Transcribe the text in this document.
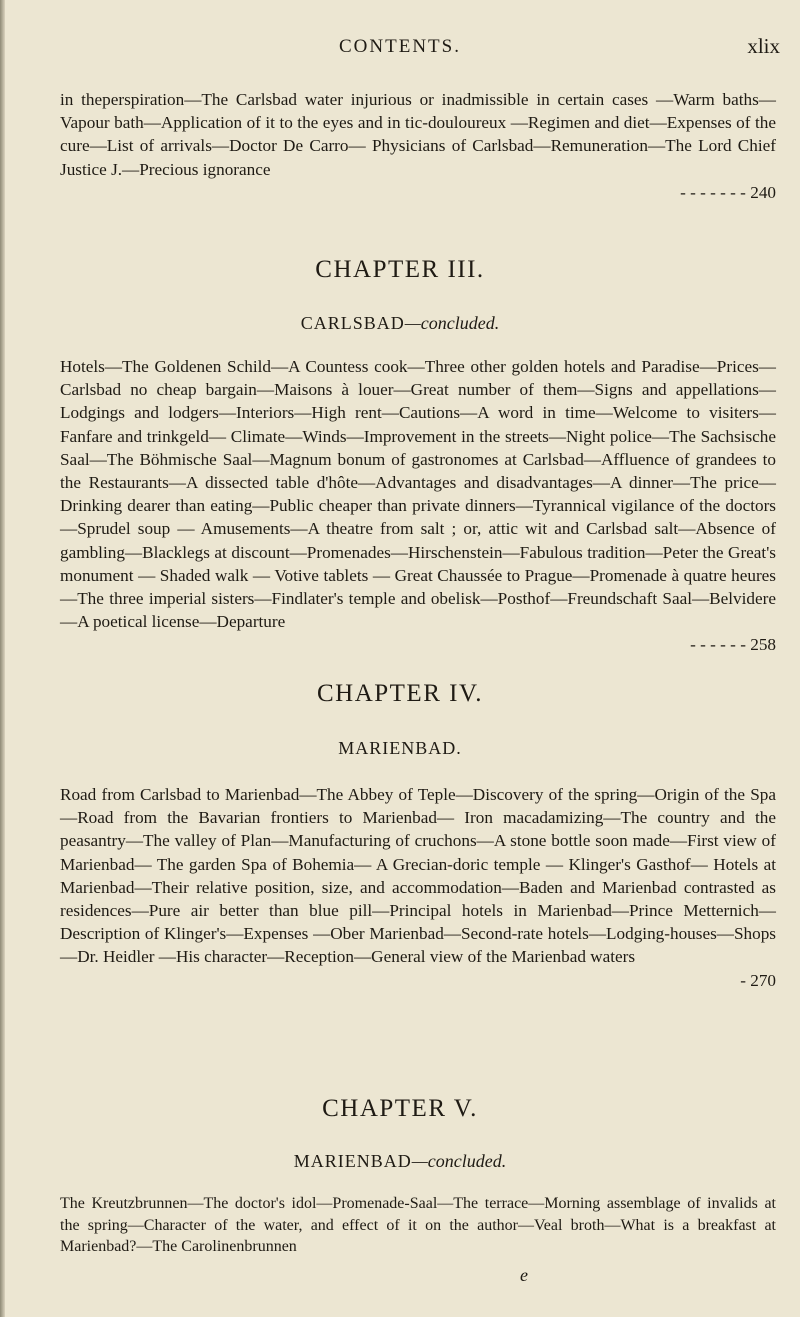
CONTENTS.	xlix

in theperspiration—The Carlsbad water injurious or inadmissible in certain cases —Warm baths—Vapour bath—Application of it to the eyes and in tic-douloureux —Regimen and diet—Expenses of the cure—List of arrivals—Doctor De Carro— Physicians of Carlsbad—Remuneration—The Lord Chief Justice J.—Precious ignorance

- - - - - - - 240

CHAPTER III.
CARLSBAD—concluded.

Hotels—The Goldenen Schild—A Countess cook—Three other golden hotels and Paradise—Prices—Carlsbad no cheap bargain—Maisons à louer—Great number of them—Signs and appellations—Lodgings and lodgers—Interiors—High rent—Cautions—A word in time—Welcome to visiters—Fanfare and trinkgeld— Climate—Winds—Improvement in the streets—Night police—The Sachsische Saal—The Böhmische Saal—Magnum bonum of gastronomes at Carlsbad—Affluence of grandees to the Restaurants—A dissected table d'hôte—Advantages and disadvantages—A dinner—The price—Drinking dearer than eating—Public cheaper than private dinners—Tyrannical vigilance of the doctors—Sprudel soup — Amusements—A theatre from salt ; or, attic wit and Carlsbad salt—Absence of gambling—Blacklegs at discount—Promenades—Hirschenstein—Fabulous tradition—Peter the Great's monument — Shaded walk — Votive tablets — Great Chaussée to Prague—Promenade à quatre heures—The three imperial sisters—Findlater's temple and obelisk—Posthof—Freundschaft Saal—Belvidere—A poetical license—Departure

- - - - - - 258

CHAPTER IV.
MARIENBAD.

Road from Carlsbad to Marienbad—The Abbey of Teple—Discovery of the spring—Origin of the Spa—Road from the Bavarian frontiers to Marienbad— Iron macadamizing—The country and the peasantry—The valley of Plan—Manufacturing of cruchons—A stone bottle soon made—First view of Marienbad— The garden Spa of Bohemia— A Grecian-doric temple — Klinger's Gasthof— Hotels at Marienbad—Their relative position, size, and accommodation—Baden and Marienbad contrasted as residences—Pure air better than blue pill—Principal hotels in Marienbad—Prince Metternich—Description of Klinger's—Expenses —Ober Marienbad—Second-rate hotels—Lodging-houses—Shops—Dr. Heidler —His character—Reception—General view of the Marienbad waters

- 270

CHAPTER V.
MARIENBAD—concluded.

The Kreutzbrunnen—The doctor's idol—Promenade-Saal—The terrace—Morning assemblage of invalids at the spring—Character of the water, and effect of it on the author—Veal broth—What is a breakfast at Marienbad?—The Carolinenbrunnen

e
